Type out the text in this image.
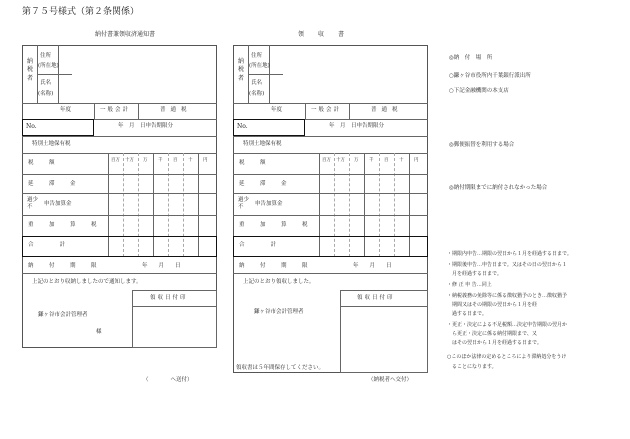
第７５号様式（第２条関係）
納付書兼領収済通知書
納
税
者
住所
(所在地)
氏名
(名称)
年度	一般会計	普通税
No.	年　月　日申告期限分
特別土地保有税
税　額	百万 十万 万 千 百 十 円
延　滞　金
過少
不
申告加算金
重　加　算　税
合　　計
納　付　期　限	年　　月　　日
上記のとおり収納しましたので通知します。
領収日付印
鎌ヶ谷市会計管理者
様
（　　　　へ送付）
領　収　書
納
税
者
住所
(所在地)
氏名
(名称)
年度	一般会計	普通税
No.	年　月　日申告期限分
特別土地保有税
税　額	百万 十万 万 千 百 十 円
延　滞　金
過少
不
申告加算金
重　加　算　税
合　　計
納　付　期　限	年　　月　　日
上記のとおり領収しました。
領収日付印
鎌ヶ谷市会計管理者
領収書は５年間保存してください。
（納税者へ交付）
◎納　付　場　所
○鎌ヶ谷市役所内千葉銀行派出所
○下記金融機関の本支店
◎郵便振替を利用する場合
◎納付期限までに納付されなかった場合
・期限内申告…期限の翌日から１月を経過する日まで。
・期限後申告…申告日まで。又はその日の翌日から１
　月を経過する日まで。
・修 正 申 告…同上
・納税義務の免除等に係る徴収猶予のとき…徴収猶予
　期間又はその期限の翌日から１月を経
　過する日まで。
・更正・決定による不足税額…決定申告期限の翌月か
　ら更正・決定に係る納付期限まで、又
　はその翌日から１月を経過する日まで。
○このほか法律の定めるところにより滞納処分をうけ
　ることになります。
